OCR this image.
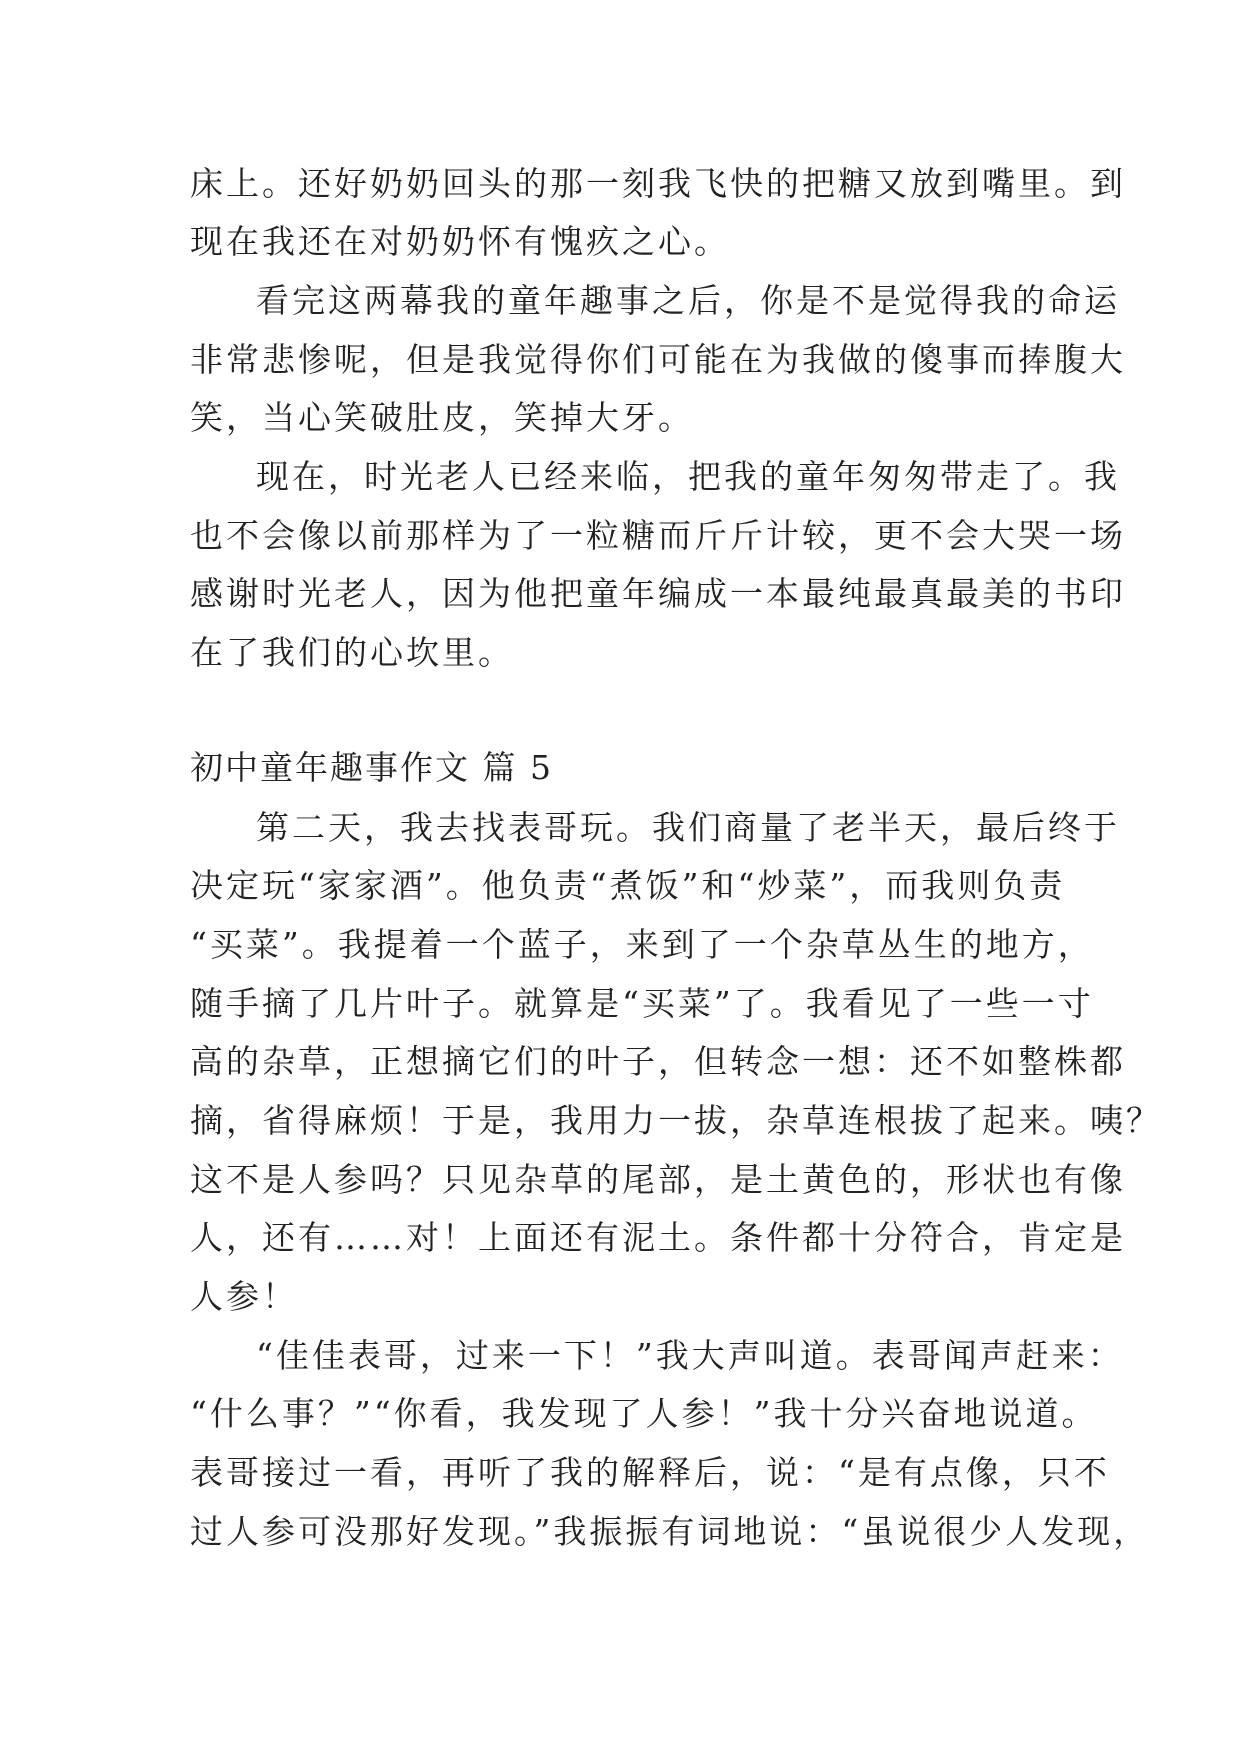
床上。还好奶奶回头的那一刻我飞快的把糖又放到嘴里。到
现在我还在对奶奶怀有愧疚之心。
看完这两幕我的童年趣事之后，你是不是觉得我的命运
非常悲惨呢，但是我觉得你们可能在为我做的傻事而捧腹大
笑，当心笑破肚皮，笑掉大牙。
现在，时光老人已经来临，把我的童年匆匆带走了。我
也不会像以前那样为了一粒糖而斤斤计较，更不会大哭一场
感谢时光老人，因为他把童年编成一本最纯最真最美的书印
在了我们的心坎里。
初中童年趣事作文 篇 5
第二天，我去找表哥玩。我们商量了老半天，最后终于
决定玩“家家酒”。他负责“煮饭”和“炒菜”，而我则负责
“买菜”。我提着一个蓝子，来到了一个杂草丛生的地方，
随手摘了几片叶子。就算是“买菜”了。我看见了一些一寸
高的杂草，正想摘它们的叶子，但转念一想：还不如整株都
摘，省得麻烦！于是，我用力一拔，杂草连根拔了起来。咦？
这不是人参吗？只见杂草的尾部，是土黄色的，形状也有像
人，还有……对！上面还有泥土。条件都十分符合，肯定是
人参！
“佳佳表哥，过来一下！”我大声叫道。表哥闻声赶来：
“什么事？”“你看，我发现了人参！”我十分兴奋地说道。
表哥接过一看，再听了我的解释后，说：“是有点像，只不
过人参可没那好发现。”我振振有词地说：“虽说很少人发现，
